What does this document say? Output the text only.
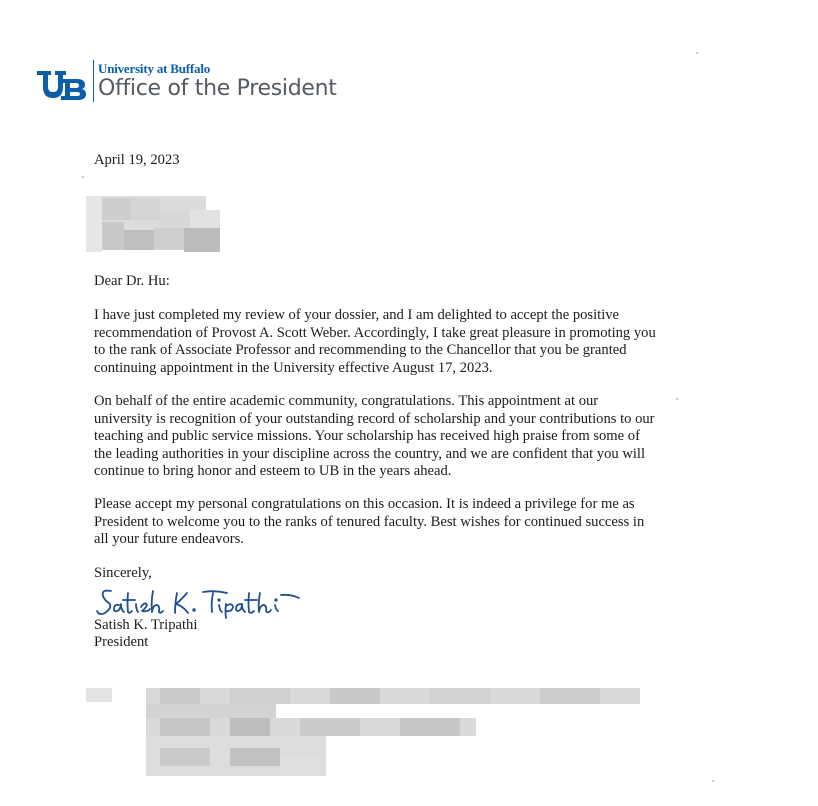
University at Buffalo
Office of the President
April 19, 2023
Dear Dr. Hu:
I have just completed my review of your dossier, and I am delighted to accept the positive
recommendation of Provost A. Scott Weber. Accordingly, I take great pleasure in promoting you
to the rank of Associate Professor and recommending to the Chancellor that you be granted
continuing appointment in the University effective August 17, 2023.
On behalf of the entire academic community, congratulations. This appointment at our
university is recognition of your outstanding record of scholarship and your contributions to our
teaching and public service missions. Your scholarship has received high praise from some of
the leading authorities in your discipline across the country, and we are confident that you will
continue to bring honor and esteem to UB in the years ahead.
Please accept my personal congratulations on this occasion. It is indeed a privilege for me as
President to welcome you to the ranks of tenured faculty. Best wishes for continued success in
all your future endeavors.
Sincerely,
Satish K. Tripathi
President
